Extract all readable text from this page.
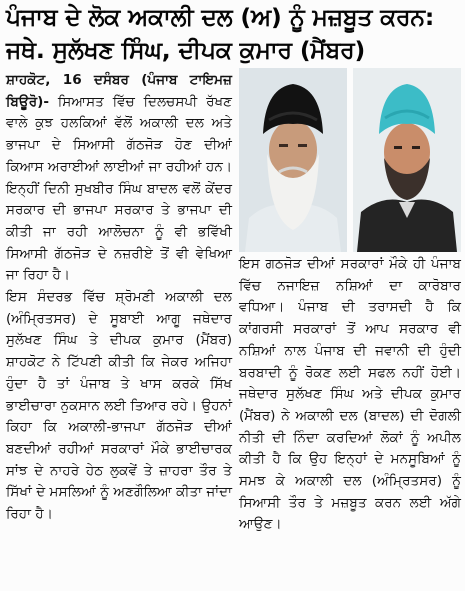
ਪੰਜਾਬ ਦੇ ਲੋਕ ਅਕਾਲੀ ਦਲ (ਅ) ਨੂੰ ਮਜ਼ਬੂਤ ਕਰਨ:
ਜਥੇ. ਸੁਲੱਖਣ ਸਿੰਘ, ਦੀਪਕ ਕੁਮਾਰ (ਮੈਂਬਰ)

ਸ਼ਾਹਕੋਟ, 16 ਦਸੰਬਰ (ਪੰਜਾਬ ਟਾਇਮਜ਼ ਬਿਊਰੋ)- ਸਿਆਸਤ ਵਿੱਚ ਦਿਲਚਸਪੀ ਰੱਖਣ ਵਾਲੇ ਕੁਝ ਹਲਕਿਆਂ ਵੱਲੋਂ ਅਕਾਲੀ ਦਲ ਅਤੇ ਭਾਜਪਾ ਦੇ ਸਿਆਸੀ ਗੱਠਜੋੜ ਹੋਣ ਦੀਆਂ ਕਿਆਸ ਅਰਾਈਆਂ ਲਾਈਆਂ ਜਾ ਰਹੀਆਂ ਹਨ। ਇਨ੍ਹੀਂ ਦਿਨੀ ਸੁਖਬੀਰ ਸਿੰਘ ਬਾਦਲ ਵਲੋਂ ਕੇਂਦਰ ਸਰਕਾਰ ਦੀ ਭਾਜਪਾ ਸਰਕਾਰ ਤੇ ਭਾਜਪਾ ਦੀ ਕੀਤੀ ਜਾ ਰਹੀ ਆਲੋਚਨਾ ਨੂੰ ਵੀ ਭਵਿੱਖੀ ਸਿਆਸੀ ਗੱਠਜੋੜ ਦੇ ਨਜ਼ਰੀਏ ਤੋਂ ਵੀ ਵੇਖਿਆ ਜਾ ਰਿਹਾ ਹੈ।

ਇਸ ਸੰਦਰਭ ਵਿੱਚ ਸ਼੍ਰੋਮਣੀ ਅਕਾਲੀ ਦਲ (ਅੰਮ੍ਰਿਤਸਰ) ਦੇ ਸੂਬਾਈ ਆਗੂ ਜਥੇਦਾਰ ਸੁਲੱਖਣ ਸਿੰਘ ਤੇ ਦੀਪਕ ਕੁਮਾਰ (ਮੈਂਬਰ) ਸ਼ਾਹਕੋਟ ਨੇ ਟਿੱਪਣੀ ਕੀਤੀ ਕਿ ਜੇਕਰ ਅਜਿਹਾ ਹੁੰਦਾ ਹੈ ਤਾਂ ਪੰਜਾਬ ਤੇ ਖਾਸ ਕਰਕੇ ਸਿੱਖ ਭਾਈਚਾਰਾ ਨੁਕਸਾਨ ਲਈ ਤਿਆਰ ਰਹੇ। ਉਹਨਾਂ ਕਿਹਾ ਕਿ ਅਕਾਲੀ-ਭਾਜਪਾ ਗੱਠਜੋੜ ਦੀਆਂ ਬਣਦੀਆਂ ਰਹੀਆਂ ਸਰਕਾਰਾਂ ਮੌਕੇ ਭਾਈਚਾਰਕ ਸਾਂਝ ਦੇ ਨਾਹਰੇ ਹੇਠ ਲੁਕਵੇਂ ਤੇ ਜ਼ਾਹਰਾ ਤੌਰ ਤੇ ਸਿੱਖਾਂ ਦੇ ਮਸਲਿਆਂ ਨੂੰ ਅਣਗੌਲਿਆ ਕੀਤਾ ਜਾਂਦਾ ਰਿਹਾ ਹੈ।

ਇਸ ਗਠਜੋੜ ਦੀਆਂ ਸਰਕਾਰਾਂ ਮੌਕੇ ਹੀ ਪੰਜਾਬ ਵਿੱਚ ਨਜਾਇਜ਼ ਨਸ਼ਿਆਂ ਦਾ ਕਾਰੋਬਾਰ ਵਧਿਆ। ਪੰਜਾਬ ਦੀ ਤਰਾਸਦੀ ਹੈ ਕਿ ਕਾਂਗਰਸੀ ਸਰਕਾਰਾਂ ਤੋਂ ਆਪ ਸਰਕਾਰ ਵੀ ਨਸ਼ਿਆਂ ਨਾਲ ਪੰਜਾਬ ਦੀ ਜਵਾਨੀ ਦੀ ਹੁੰਦੀ ਬਰਬਾਦੀ ਨੂੰ ਰੋਕਣ ਲਈ ਸਫਲ ਨਹੀਂ ਹੋਈ। ਜਥੇਦਾਰ ਸੁਲੱਖਣ ਸਿੰਘ ਅਤੇ ਦੀਪਕ ਕੁਮਾਰ (ਮੈਂਬਰ) ਨੇ ਅਕਾਲੀ ਦਲ (ਬਾਦਲ) ਦੀ ਦੋਗਲੀ ਨੀਤੀ ਦੀ ਨਿੰਦਾ ਕਰਦਿਆਂ ਲੋਕਾਂ ਨੂੰ ਅਪੀਲ ਕੀਤੀ ਹੈ ਕਿ ਉਹ ਇਨ੍ਹਾਂ ਦੇ ਮਨਸੂਬਿਆਂ ਨੂੰ ਸਮਝ ਕੇ ਅਕਾਲੀ ਦਲ (ਅੰਮ੍ਰਿਤਸਰ) ਨੂੰ ਸਿਆਸੀ ਤੌਰ ਤੇ ਮਜ਼ਬੂਤ ਕਰਨ ਲਈ ਅੱਗੇ ਆਉਣ।
